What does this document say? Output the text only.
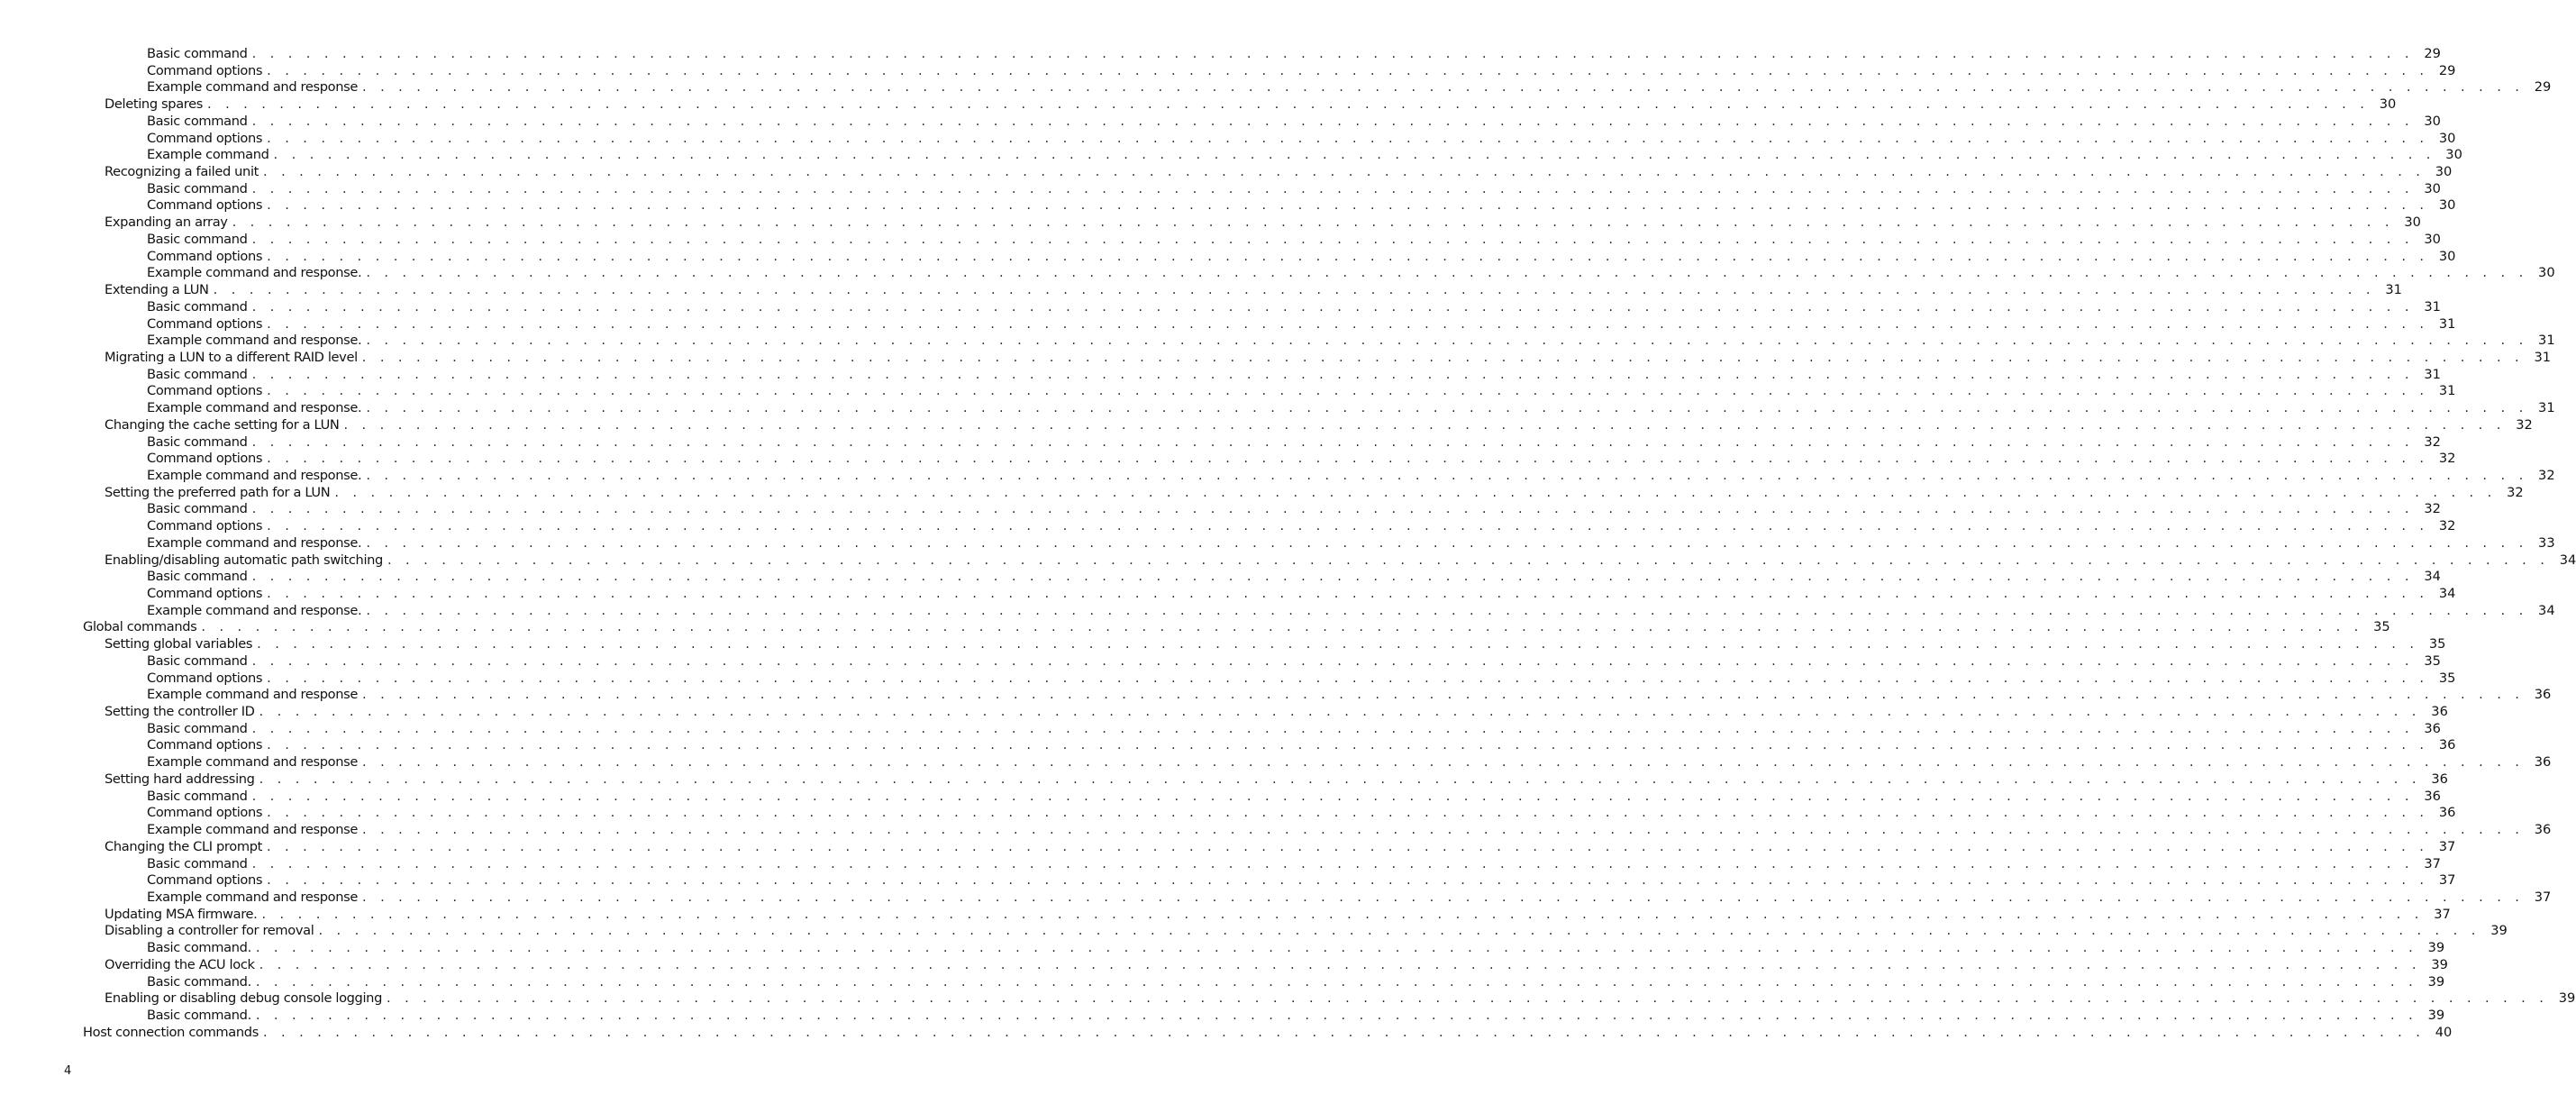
Basic command . . . . . . . . . . . . . . . . . . . . . . . . . . . . . . . . . . . . . . . . . . . . . . . . . . . . . . . . . . . . . . . . . . . . . . . . . . . . . . . . . . . . . . . . . . . . . . . . . . . . . . . . . . . . . . . . . . . . . . . . 29
Command options . . . . . . . . . . . . . . . . . . . . . . . . . . . . . . . . . . . . . . . . . . . . . . . . . . . . . . . . . . . . . . . . . . . . . . . . . . . . . . . . . . . . . . . . . . . . . . . . . . . . . . . . . . . . . . . . . . . . . . . . 29
Example command and response . . . . . . . . . . . . . . . . . . . . . . . . . . . . . . . . . . . . . . . . . . . . . . . . . . . . . . . . . . . . . . . . . . . . . . . . . . . . . . . . . . . . . . . . . . . . . . . . . . . . . . . . . . . . . . . . . . . . . . . . 29
Deleting spares . . . . . . . . . . . . . . . . . . . . . . . . . . . . . . . . . . . . . . . . . . . . . . . . . . . . . . . . . . . . . . . . . . . . . . . . . . . . . . . . . . . . . . . . . . . . . . . . . . . . . . . . . . . . . . . . . . . . . . . . 30
Basic command . . . . . . . . . . . . . . . . . . . . . . . . . . . . . . . . . . . . . . . . . . . . . . . . . . . . . . . . . . . . . . . . . . . . . . . . . . . . . . . . . . . . . . . . . . . . . . . . . . . . . . . . . . . . . . . . . . . . . . . . 30
Command options . . . . . . . . . . . . . . . . . . . . . . . . . . . . . . . . . . . . . . . . . . . . . . . . . . . . . . . . . . . . . . . . . . . . . . . . . . . . . . . . . . . . . . . . . . . . . . . . . . . . . . . . . . . . . . . . . . . . . . . . 30
Example command . . . . . . . . . . . . . . . . . . . . . . . . . . . . . . . . . . . . . . . . . . . . . . . . . . . . . . . . . . . . . . . . . . . . . . . . . . . . . . . . . . . . . . . . . . . . . . . . . . . . . . . . . . . . . . . . . . . . . . . . 30
Recognizing a failed unit . . . . . . . . . . . . . . . . . . . . . . . . . . . . . . . . . . . . . . . . . . . . . . . . . . . . . . . . . . . . . . . . . . . . . . . . . . . . . . . . . . . . . . . . . . . . . . . . . . . . . . . . . . . . . . . . . . . . . . . . 30
Basic command . . . . . . . . . . . . . . . . . . . . . . . . . . . . . . . . . . . . . . . . . . . . . . . . . . . . . . . . . . . . . . . . . . . . . . . . . . . . . . . . . . . . . . . . . . . . . . . . . . . . . . . . . . . . . . . . . . . . . . . . 30
Command options . . . . . . . . . . . . . . . . . . . . . . . . . . . . . . . . . . . . . . . . . . . . . . . . . . . . . . . . . . . . . . . . . . . . . . . . . . . . . . . . . . . . . . . . . . . . . . . . . . . . . . . . . . . . . . . . . . . . . . . . 30
Expanding an array . . . . . . . . . . . . . . . . . . . . . . . . . . . . . . . . . . . . . . . . . . . . . . . . . . . . . . . . . . . . . . . . . . . . . . . . . . . . . . . . . . . . . . . . . . . . . . . . . . . . . . . . . . . . . . . . . . . . . . . . 30
Basic command . . . . . . . . . . . . . . . . . . . . . . . . . . . . . . . . . . . . . . . . . . . . . . . . . . . . . . . . . . . . . . . . . . . . . . . . . . . . . . . . . . . . . . . . . . . . . . . . . . . . . . . . . . . . . . . . . . . . . . . . 30
Command options . . . . . . . . . . . . . . . . . . . . . . . . . . . . . . . . . . . . . . . . . . . . . . . . . . . . . . . . . . . . . . . . . . . . . . . . . . . . . . . . . . . . . . . . . . . . . . . . . . . . . . . . . . . . . . . . . . . . . . . . 30
Example command and response. . . . . . . . . . . . . . . . . . . . . . . . . . . . . . . . . . . . . . . . . . . . . . . . . . . . . . . . . . . . . . . . . . . . . . . . . . . . . . . . . . . . . . . . . . . . . . . . . . . . . . . . . . . . . . . . . . . . . . . . . 30
Extending a LUN . . . . . . . . . . . . . . . . . . . . . . . . . . . . . . . . . . . . . . . . . . . . . . . . . . . . . . . . . . . . . . . . . . . . . . . . . . . . . . . . . . . . . . . . . . . . . . . . . . . . . . . . . . . . . . . . . . . . . . . . 31
Basic command . . . . . . . . . . . . . . . . . . . . . . . . . . . . . . . . . . . . . . . . . . . . . . . . . . . . . . . . . . . . . . . . . . . . . . . . . . . . . . . . . . . . . . . . . . . . . . . . . . . . . . . . . . . . . . . . . . . . . . . . 31
Command options . . . . . . . . . . . . . . . . . . . . . . . . . . . . . . . . . . . . . . . . . . . . . . . . . . . . . . . . . . . . . . . . . . . . . . . . . . . . . . . . . . . . . . . . . . . . . . . . . . . . . . . . . . . . . . . . . . . . . . . . 31
Example command and response. . . . . . . . . . . . . . . . . . . . . . . . . . . . . . . . . . . . . . . . . . . . . . . . . . . . . . . . . . . . . . . . . . . . . . . . . . . . . . . . . . . . . . . . . . . . . . . . . . . . . . . . . . . . . . . . . . . . . . . . . 31
Migrating a LUN to a different RAID level . . . . . . . . . . . . . . . . . . . . . . . . . . . . . . . . . . . . . . . . . . . . . . . . . . . . . . . . . . . . . . . . . . . . . . . . . . . . . . . . . . . . . . . . . . . . . . . . . . . . . . . . . . . . . . . . . . . . . . . . 31
Basic command . . . . . . . . . . . . . . . . . . . . . . . . . . . . . . . . . . . . . . . . . . . . . . . . . . . . . . . . . . . . . . . . . . . . . . . . . . . . . . . . . . . . . . . . . . . . . . . . . . . . . . . . . . . . . . . . . . . . . . . . 31
Command options . . . . . . . . . . . . . . . . . . . . . . . . . . . . . . . . . . . . . . . . . . . . . . . . . . . . . . . . . . . . . . . . . . . . . . . . . . . . . . . . . . . . . . . . . . . . . . . . . . . . . . . . . . . . . . . . . . . . . . . . 31
Example command and response. . . . . . . . . . . . . . . . . . . . . . . . . . . . . . . . . . . . . . . . . . . . . . . . . . . . . . . . . . . . . . . . . . . . . . . . . . . . . . . . . . . . . . . . . . . . . . . . . . . . . . . . . . . . . . . . . . . . . . . . . 31
Changing the cache setting for a LUN . . . . . . . . . . . . . . . . . . . . . . . . . . . . . . . . . . . . . . . . . . . . . . . . . . . . . . . . . . . . . . . . . . . . . . . . . . . . . . . . . . . . . . . . . . . . . . . . . . . . . . . . . . . . . . . . . . . . . . . . 32
Basic command . . . . . . . . . . . . . . . . . . . . . . . . . . . . . . . . . . . . . . . . . . . . . . . . . . . . . . . . . . . . . . . . . . . . . . . . . . . . . . . . . . . . . . . . . . . . . . . . . . . . . . . . . . . . . . . . . . . . . . . . 32
Command options . . . . . . . . . . . . . . . . . . . . . . . . . . . . . . . . . . . . . . . . . . . . . . . . . . . . . . . . . . . . . . . . . . . . . . . . . . . . . . . . . . . . . . . . . . . . . . . . . . . . . . . . . . . . . . . . . . . . . . . . 32
Example command and response. . . . . . . . . . . . . . . . . . . . . . . . . . . . . . . . . . . . . . . . . . . . . . . . . . . . . . . . . . . . . . . . . . . . . . . . . . . . . . . . . . . . . . . . . . . . . . . . . . . . . . . . . . . . . . . . . . . . . . . . . 32
Setting the preferred path for a LUN . . . . . . . . . . . . . . . . . . . . . . . . . . . . . . . . . . . . . . . . . . . . . . . . . . . . . . . . . . . . . . . . . . . . . . . . . . . . . . . . . . . . . . . . . . . . . . . . . . . . . . . . . . . . . . . . . . . . . . . . 32
Basic command . . . . . . . . . . . . . . . . . . . . . . . . . . . . . . . . . . . . . . . . . . . . . . . . . . . . . . . . . . . . . . . . . . . . . . . . . . . . . . . . . . . . . . . . . . . . . . . . . . . . . . . . . . . . . . . . . . . . . . . . 32
Command options . . . . . . . . . . . . . . . . . . . . . . . . . . . . . . . . . . . . . . . . . . . . . . . . . . . . . . . . . . . . . . . . . . . . . . . . . . . . . . . . . . . . . . . . . . . . . . . . . . . . . . . . . . . . . . . . . . . . . . . . 32
Example command and response. . . . . . . . . . . . . . . . . . . . . . . . . . . . . . . . . . . . . . . . . . . . . . . . . . . . . . . . . . . . . . . . . . . . . . . . . . . . . . . . . . . . . . . . . . . . . . . . . . . . . . . . . . . . . . . . . . . . . . . . . 33
Enabling/disabling automatic path switching . . . . . . . . . . . . . . . . . . . . . . . . . . . . . . . . . . . . . . . . . . . . . . . . . . . . . . . . . . . . . . . . . . . . . . . . . . . . . . . . . . . . . . . . . . . . . . . . . . . . . . . . . . . . . . . . . . . . . . . . 34
Basic command . . . . . . . . . . . . . . . . . . . . . . . . . . . . . . . . . . . . . . . . . . . . . . . . . . . . . . . . . . . . . . . . . . . . . . . . . . . . . . . . . . . . . . . . . . . . . . . . . . . . . . . . . . . . . . . . . . . . . . . . 34
Command options . . . . . . . . . . . . . . . . . . . . . . . . . . . . . . . . . . . . . . . . . . . . . . . . . . . . . . . . . . . . . . . . . . . . . . . . . . . . . . . . . . . . . . . . . . . . . . . . . . . . . . . . . . . . . . . . . . . . . . . . 34
Example command and response. . . . . . . . . . . . . . . . . . . . . . . . . . . . . . . . . . . . . . . . . . . . . . . . . . . . . . . . . . . . . . . . . . . . . . . . . . . . . . . . . . . . . . . . . . . . . . . . . . . . . . . . . . . . . . . . . . . . . . . . . 34
Global commands . . . . . . . . . . . . . . . . . . . . . . . . . . . . . . . . . . . . . . . . . . . . . . . . . . . . . . . . . . . . . . . . . . . . . . . . . . . . . . . . . . . . . . . . . . . . . . . . . . . . . . . . . . . . . . . . . . . . . . . . 35
Setting global variables . . . . . . . . . . . . . . . . . . . . . . . . . . . . . . . . . . . . . . . . . . . . . . . . . . . . . . . . . . . . . . . . . . . . . . . . . . . . . . . . . . . . . . . . . . . . . . . . . . . . . . . . . . . . . . . . . . . . . . . . 35
Basic command . . . . . . . . . . . . . . . . . . . . . . . . . . . . . . . . . . . . . . . . . . . . . . . . . . . . . . . . . . . . . . . . . . . . . . . . . . . . . . . . . . . . . . . . . . . . . . . . . . . . . . . . . . . . . . . . . . . . . . . . 35
Command options . . . . . . . . . . . . . . . . . . . . . . . . . . . . . . . . . . . . . . . . . . . . . . . . . . . . . . . . . . . . . . . . . . . . . . . . . . . . . . . . . . . . . . . . . . . . . . . . . . . . . . . . . . . . . . . . . . . . . . . . 35
Example command and response . . . . . . . . . . . . . . . . . . . . . . . . . . . . . . . . . . . . . . . . . . . . . . . . . . . . . . . . . . . . . . . . . . . . . . . . . . . . . . . . . . . . . . . . . . . . . . . . . . . . . . . . . . . . . . . . . . . . . . . . 36
Setting the controller ID . . . . . . . . . . . . . . . . . . . . . . . . . . . . . . . . . . . . . . . . . . . . . . . . . . . . . . . . . . . . . . . . . . . . . . . . . . . . . . . . . . . . . . . . . . . . . . . . . . . . . . . . . . . . . . . . . . . . . . . . 36
Basic command . . . . . . . . . . . . . . . . . . . . . . . . . . . . . . . . . . . . . . . . . . . . . . . . . . . . . . . . . . . . . . . . . . . . . . . . . . . . . . . . . . . . . . . . . . . . . . . . . . . . . . . . . . . . . . . . . . . . . . . . 36
Command options . . . . . . . . . . . . . . . . . . . . . . . . . . . . . . . . . . . . . . . . . . . . . . . . . . . . . . . . . . . . . . . . . . . . . . . . . . . . . . . . . . . . . . . . . . . . . . . . . . . . . . . . . . . . . . . . . . . . . . . . 36
Example command and response . . . . . . . . . . . . . . . . . . . . . . . . . . . . . . . . . . . . . . . . . . . . . . . . . . . . . . . . . . . . . . . . . . . . . . . . . . . . . . . . . . . . . . . . . . . . . . . . . . . . . . . . . . . . . . . . . . . . . . . . 36
Setting hard addressing . . . . . . . . . . . . . . . . . . . . . . . . . . . . . . . . . . . . . . . . . . . . . . . . . . . . . . . . . . . . . . . . . . . . . . . . . . . . . . . . . . . . . . . . . . . . . . . . . . . . . . . . . . . . . . . . . . . . . . . . 36
Basic command . . . . . . . . . . . . . . . . . . . . . . . . . . . . . . . . . . . . . . . . . . . . . . . . . . . . . . . . . . . . . . . . . . . . . . . . . . . . . . . . . . . . . . . . . . . . . . . . . . . . . . . . . . . . . . . . . . . . . . . . 36
Command options . . . . . . . . . . . . . . . . . . . . . . . . . . . . . . . . . . . . . . . . . . . . . . . . . . . . . . . . . . . . . . . . . . . . . . . . . . . . . . . . . . . . . . . . . . . . . . . . . . . . . . . . . . . . . . . . . . . . . . . . 36
Example command and response . . . . . . . . . . . . . . . . . . . . . . . . . . . . . . . . . . . . . . . . . . . . . . . . . . . . . . . . . . . . . . . . . . . . . . . . . . . . . . . . . . . . . . . . . . . . . . . . . . . . . . . . . . . . . . . . . . . . . . . . 36
Changing the CLI prompt . . . . . . . . . . . . . . . . . . . . . . . . . . . . . . . . . . . . . . . . . . . . . . . . . . . . . . . . . . . . . . . . . . . . . . . . . . . . . . . . . . . . . . . . . . . . . . . . . . . . . . . . . . . . . . . . . . . . . . . . 37
Basic command . . . . . . . . . . . . . . . . . . . . . . . . . . . . . . . . . . . . . . . . . . . . . . . . . . . . . . . . . . . . . . . . . . . . . . . . . . . . . . . . . . . . . . . . . . . . . . . . . . . . . . . . . . . . . . . . . . . . . . . . 37
Command options . . . . . . . . . . . . . . . . . . . . . . . . . . . . . . . . . . . . . . . . . . . . . . . . . . . . . . . . . . . . . . . . . . . . . . . . . . . . . . . . . . . . . . . . . . . . . . . . . . . . . . . . . . . . . . . . . . . . . . . . 37
Example command and response . . . . . . . . . . . . . . . . . . . . . . . . . . . . . . . . . . . . . . . . . . . . . . . . . . . . . . . . . . . . . . . . . . . . . . . . . . . . . . . . . . . . . . . . . . . . . . . . . . . . . . . . . . . . . . . . . . . . . . . . 37
Updating MSA firmware. . . . . . . . . . . . . . . . . . . . . . . . . . . . . . . . . . . . . . . . . . . . . . . . . . . . . . . . . . . . . . . . . . . . . . . . . . . . . . . . . . . . . . . . . . . . . . . . . . . . . . . . . . . . . . . . . . . . . . . . . 37
Disabling a controller for removal . . . . . . . . . . . . . . . . . . . . . . . . . . . . . . . . . . . . . . . . . . . . . . . . . . . . . . . . . . . . . . . . . . . . . . . . . . . . . . . . . . . . . . . . . . . . . . . . . . . . . . . . . . . . . . . . . . . . . . . . 39
Basic command. . . . . . . . . . . . . . . . . . . . . . . . . . . . . . . . . . . . . . . . . . . . . . . . . . . . . . . . . . . . . . . . . . . . . . . . . . . . . . . . . . . . . . . . . . . . . . . . . . . . . . . . . . . . . . . . . . . . . . . . . 39
Overriding the ACU lock . . . . . . . . . . . . . . . . . . . . . . . . . . . . . . . . . . . . . . . . . . . . . . . . . . . . . . . . . . . . . . . . . . . . . . . . . . . . . . . . . . . . . . . . . . . . . . . . . . . . . . . . . . . . . . . . . . . . . . . . 39
Basic command. . . . . . . . . . . . . . . . . . . . . . . . . . . . . . . . . . . . . . . . . . . . . . . . . . . . . . . . . . . . . . . . . . . . . . . . . . . . . . . . . . . . . . . . . . . . . . . . . . . . . . . . . . . . . . . . . . . . . . . . . 39
Enabling or disabling debug console logging . . . . . . . . . . . . . . . . . . . . . . . . . . . . . . . . . . . . . . . . . . . . . . . . . . . . . . . . . . . . . . . . . . . . . . . . . . . . . . . . . . . . . . . . . . . . . . . . . . . . . . . . . . . . . . . . . . . . . . . . 39
Basic command. . . . . . . . . . . . . . . . . . . . . . . . . . . . . . . . . . . . . . . . . . . . . . . . . . . . . . . . . . . . . . . . . . . . . . . . . . . . . . . . . . . . . . . . . . . . . . . . . . . . . . . . . . . . . . . . . . . . . . . . . 39
Host connection commands . . . . . . . . . . . . . . . . . . . . . . . . . . . . . . . . . . . . . . . . . . . . . . . . . . . . . . . . . . . . . . . . . . . . . . . . . . . . . . . . . . . . . . . . . . . . . . . . . . . . . . . . . . . . . . . . . . . . . . . . 40
4
